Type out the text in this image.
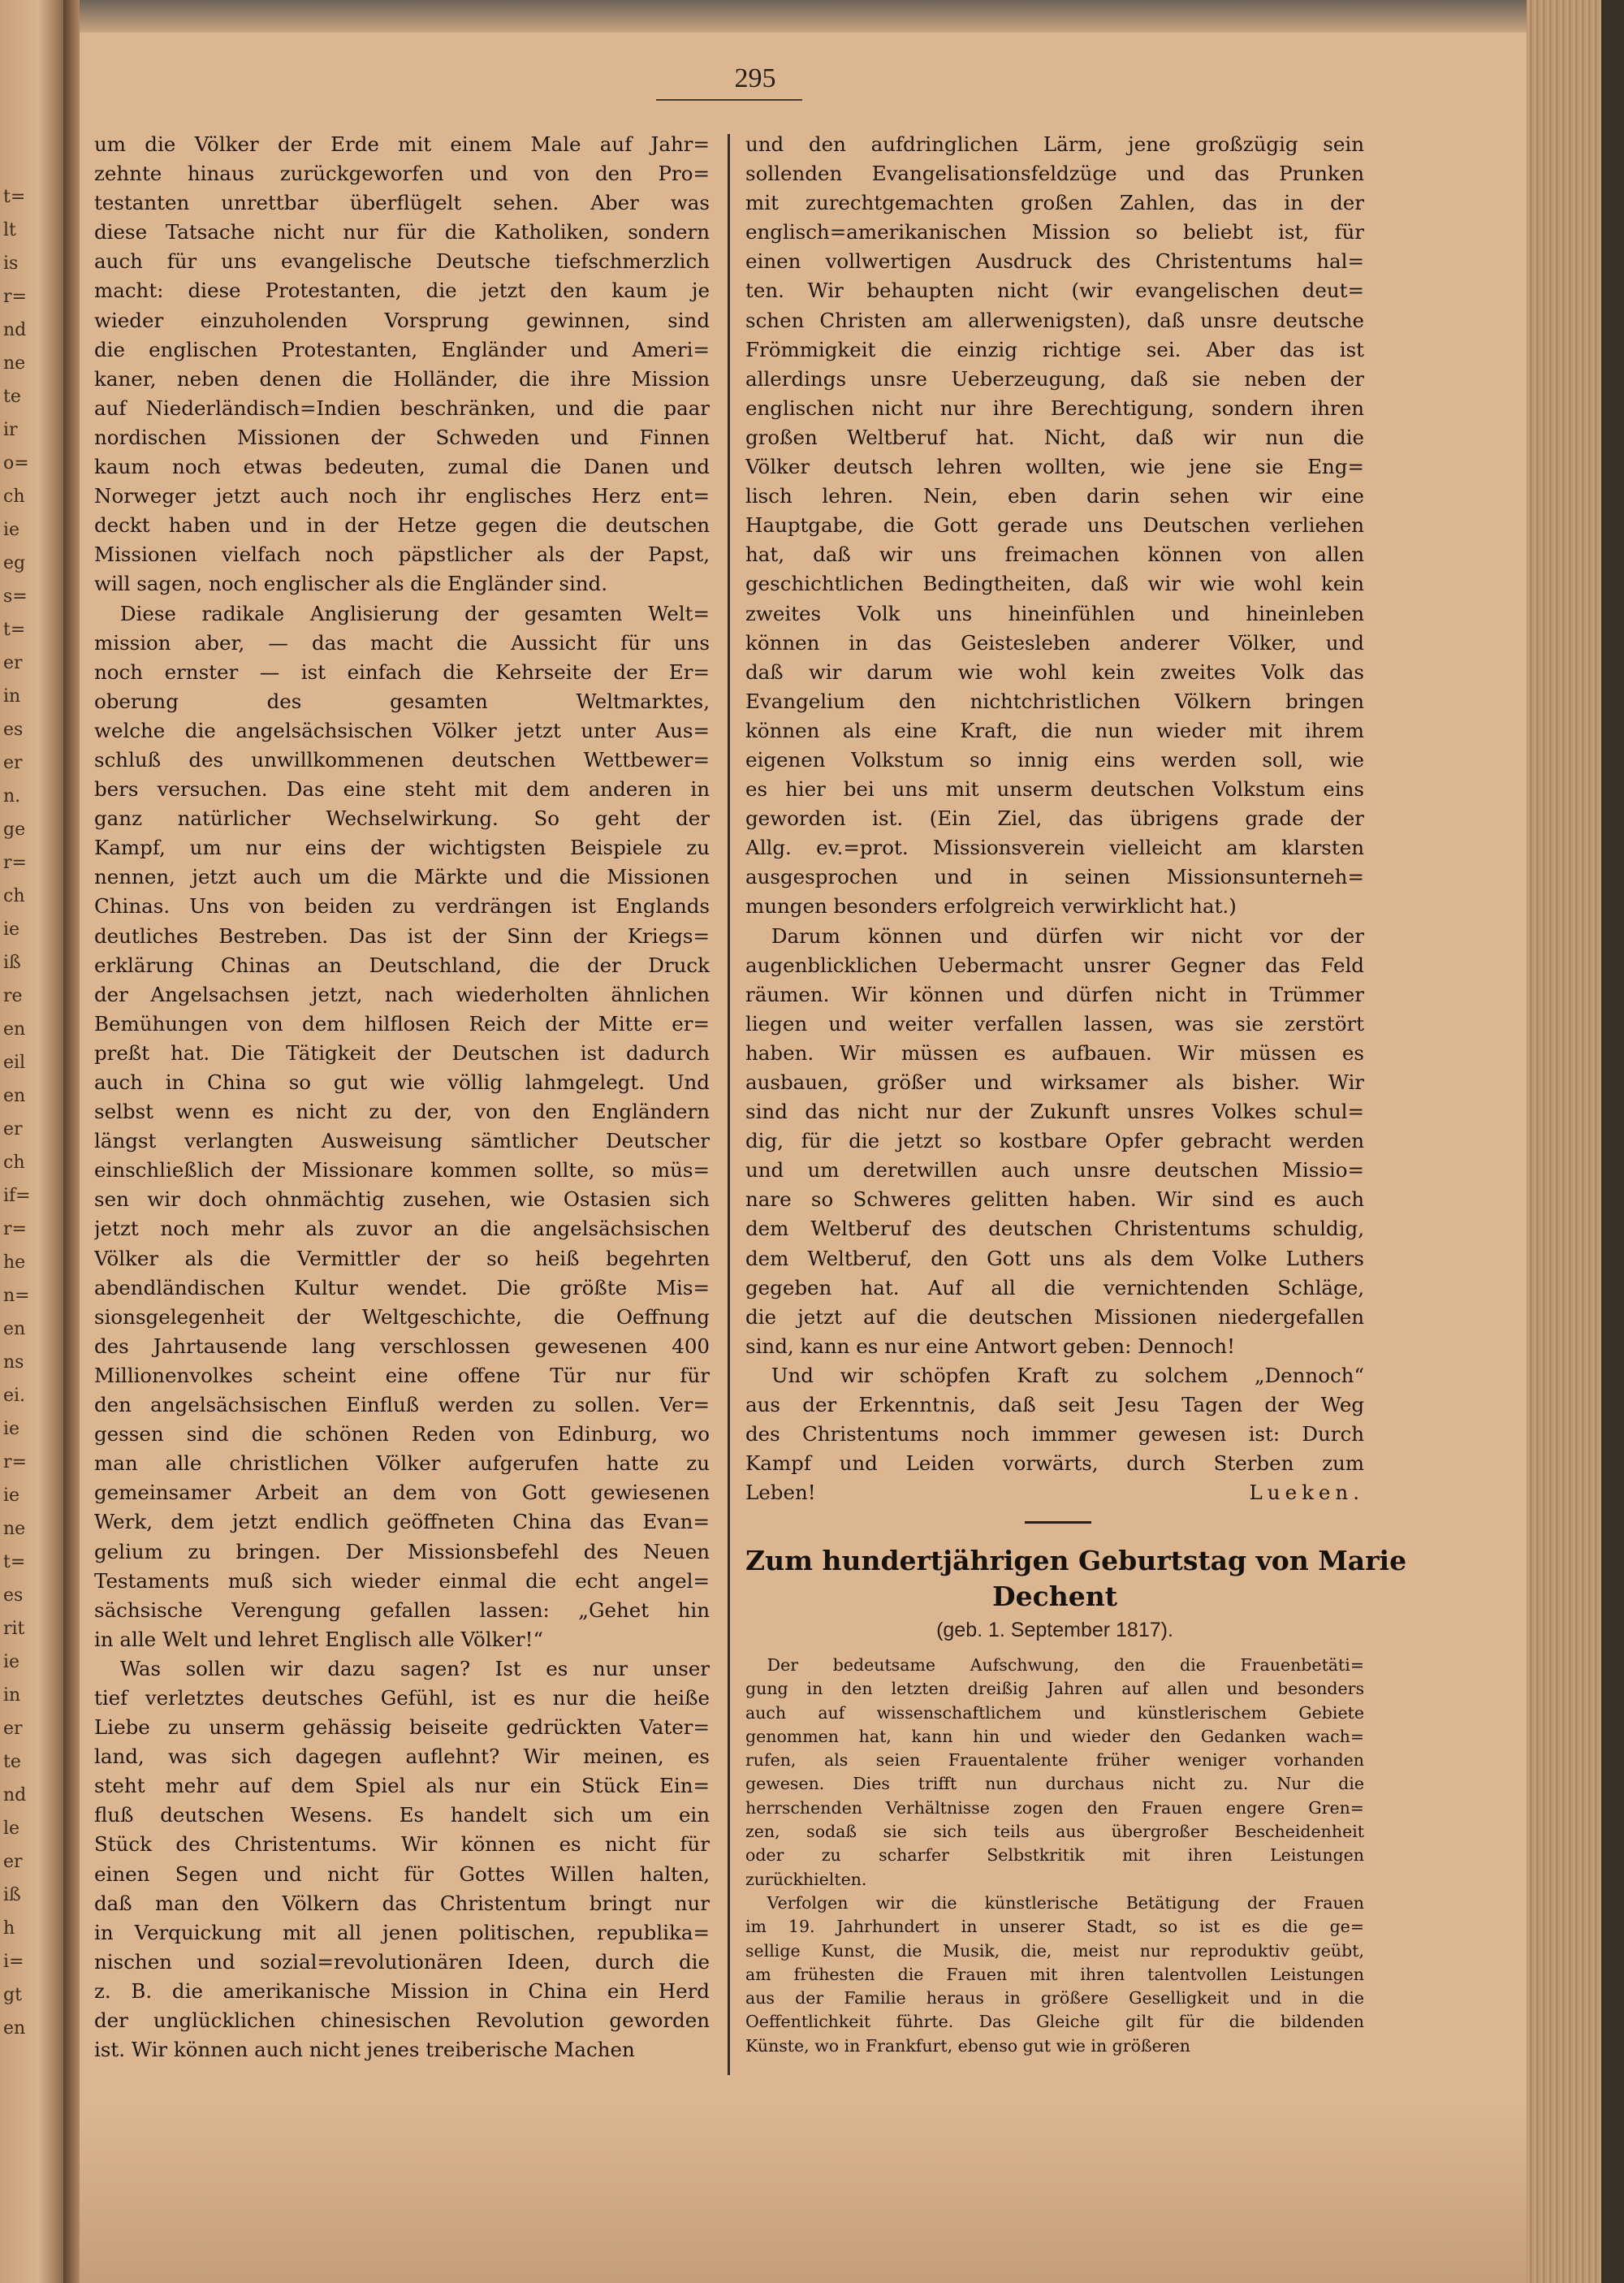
t=
lt
is
r=
nd
ne
te
ir
o=
ch
ie
eg
s=
t=
er
in
es
er
n.
ge
r=
ch
ie
iß
re
en
eil
en
er
ch
if=
r=
he
n=
en
ns
ei.
ie
r=
ie
ne
t=
es
rit
ie
in
er
te
nd
le
er
iß
h
i=
gt
en
295
um die Völker der Erde mit einem Male auf Jahr=
zehnte hinaus zurückgeworfen und von den Pro=
testanten unrettbar überflügelt sehen. Aber was
diese Tatsache nicht nur für die Katholiken, sondern
auch für uns evangelische Deutsche tiefschmerzlich
macht: diese Protestanten, die jetzt den kaum je
wieder einzuholenden Vorsprung gewinnen, sind
die englischen Protestanten, Engländer und Ameri=
kaner, neben denen die Holländer, die ihre Mission
auf Niederländisch=Indien beschränken, und die paar
nordischen Missionen der Schweden und Finnen
kaum noch etwas bedeuten, zumal die Danen und
Norweger jetzt auch noch ihr englisches Herz ent=
deckt haben und in der Hetze gegen die deutschen
Missionen vielfach noch päpstlicher als der Papst,
will sagen, noch englischer als die Engländer sind.
Diese radikale Anglisierung der gesamten Welt=
mission aber, — das macht die Aussicht für uns
noch ernster — ist einfach die Kehrseite der Er=
oberung des gesamten Weltmarktes,
welche die angelsächsischen Völker jetzt unter Aus=
schluß des unwillkommenen deutschen Wettbewer=
bers versuchen. Das eine steht mit dem anderen in
ganz natürlicher Wechselwirkung. So geht der
Kampf, um nur eins der wichtigsten Beispiele zu
nennen, jetzt auch um die Märkte und die Missionen
Chinas. Uns von beiden zu verdrängen ist Englands
deutliches Bestreben. Das ist der Sinn der Kriegs=
erklärung Chinas an Deutschland, die der Druck
der Angelsachsen jetzt, nach wiederholten ähnlichen
Bemühungen von dem hilflosen Reich der Mitte er=
preßt hat. Die Tätigkeit der Deutschen ist dadurch
auch in China so gut wie völlig lahmgelegt. Und
selbst wenn es nicht zu der, von den Engländern
längst verlangten Ausweisung sämtlicher Deutscher
einschließlich der Missionare kommen sollte, so müs=
sen wir doch ohnmächtig zusehen, wie Ostasien sich
jetzt noch mehr als zuvor an die angelsächsischen
Völker als die Vermittler der so heiß begehrten
abendländischen Kultur wendet. Die größte Mis=
sionsgelegenheit der Weltgeschichte, die Oeffnung
des Jahrtausende lang verschlossen gewesenen 400
Millionenvolkes scheint eine offene Tür nur für
den angelsächsischen Einfluß werden zu sollen. Ver=
gessen sind die schönen Reden von Edinburg, wo
man alle christlichen Völker aufgerufen hatte zu
gemeinsamer Arbeit an dem von Gott gewiesenen
Werk, dem jetzt endlich geöffneten China das Evan=
gelium zu bringen. Der Missionsbefehl des Neuen
Testaments muß sich wieder einmal die echt angel=
sächsische Verengung gefallen lassen: „Gehet hin
in alle Welt und lehret Englisch alle Völker!“
Was sollen wir dazu sagen? Ist es nur unser
tief verletztes deutsches Gefühl, ist es nur die heiße
Liebe zu unserm gehässig beiseite gedrückten Vater=
land, was sich dagegen auflehnt? Wir meinen, es
steht mehr auf dem Spiel als nur ein Stück Ein=
fluß deutschen Wesens. Es handelt sich um ein
Stück des Christentums. Wir können es nicht für
einen Segen und nicht für Gottes Willen halten,
daß man den Völkern das Christentum bringt nur
in Verquickung mit all jenen politischen, republika=
nischen und sozial=revolutionären Ideen, durch die
z. B. die amerikanische Mission in China ein Herd
der unglücklichen chinesischen Revolution geworden
ist. Wir können auch nicht jenes treiberische Machen
und den aufdringlichen Lärm, jene großzügig sein
sollenden Evangelisationsfeldzüge und das Prunken
mit zurechtgemachten großen Zahlen, das in der
englisch=amerikanischen Mission so beliebt ist, für
einen vollwertigen Ausdruck des Christentums hal=
ten. Wir behaupten nicht (wir evangelischen deut=
schen Christen am allerwenigsten), daß unsre deutsche
Frömmigkeit die einzig richtige sei. Aber das ist
allerdings unsre Ueberzeugung, daß sie neben der
englischen nicht nur ihre Berechtigung, sondern ihren
großen Weltberuf hat. Nicht, daß wir nun die
Völker deutsch lehren wollten, wie jene sie Eng=
lisch lehren. Nein, eben darin sehen wir eine
Hauptgabe, die Gott gerade uns Deutschen verliehen
hat, daß wir uns freimachen können von allen
geschichtlichen Bedingtheiten, daß wir wie wohl kein
zweites Volk uns hineinfühlen und hineinleben
können in das Geistesleben anderer Völker, und
daß wir darum wie wohl kein zweites Volk das
Evangelium den nichtchristlichen Völkern bringen
können als eine Kraft, die nun wieder mit ihrem
eigenen Volkstum so innig eins werden soll, wie
es hier bei uns mit unserm deutschen Volkstum eins
geworden ist. (Ein Ziel, das übrigens grade der
Allg. ev.=prot. Missionsverein vielleicht am klarsten
ausgesprochen und in seinen Missionsunterneh=
mungen besonders erfolgreich verwirklicht hat.)
Darum können und dürfen wir nicht vor der
augenblicklichen Uebermacht unsrer Gegner das Feld
räumen. Wir können und dürfen nicht in Trümmer
liegen und weiter verfallen lassen, was sie zerstört
haben. Wir müssen es aufbauen. Wir müssen es
ausbauen, größer und wirksamer als bisher. Wir
sind das nicht nur der Zukunft unsres Volkes schul=
dig, für die jetzt so kostbare Opfer gebracht werden
und um deretwillen auch unsre deutschen Missio=
nare so Schweres gelitten haben. Wir sind es auch
dem Weltberuf des deutschen Christentums schuldig,
dem Weltberuf, den Gott uns als dem Volke Luthers
gegeben hat. Auf all die vernichtenden Schläge,
die jetzt auf die deutschen Missionen niedergefallen
sind, kann es nur eine Antwort geben: Dennoch!
Und wir schöpfen Kraft zu solchem „Dennoch“
aus der Erkenntnis, daß seit Jesu Tagen der Weg
des Christentums noch immmer gewesen ist: Durch
Kampf und Leiden vorwärts, durch Sterben zum
Leben!	Lueken.
Zum hundertjährigen Geburtstag von Marie
Dechent
(geb. 1. September 1817).
Der bedeutsame Aufschwung, den die Frauenbetäti=
gung in den letzten dreißig Jahren auf allen und besonders
auch auf wissenschaftlichem und künstlerischem Gebiete
genommen hat, kann hin und wieder den Gedanken wach=
rufen, als seien Frauentalente früher weniger vorhanden
gewesen. Dies trifft nun durchaus nicht zu. Nur die
herrschenden Verhältnisse zogen den Frauen engere Gren=
zen, sodaß sie sich teils aus übergroßer Bescheidenheit
oder zu scharfer Selbstkritik mit ihren Leistungen
zurückhielten.
Verfolgen wir die künstlerische Betätigung der Frauen
im 19. Jahrhundert in unserer Stadt, so ist es die ge=
sellige Kunst, die Musik, die, meist nur reproduktiv geübt,
am frühesten die Frauen mit ihren talentvollen Leistungen
aus der Familie heraus in größere Geselligkeit und in die
Oeffentlichkeit führte. Das Gleiche gilt für die bildenden
Künste, wo in Frankfurt, ebenso gut wie in größeren
